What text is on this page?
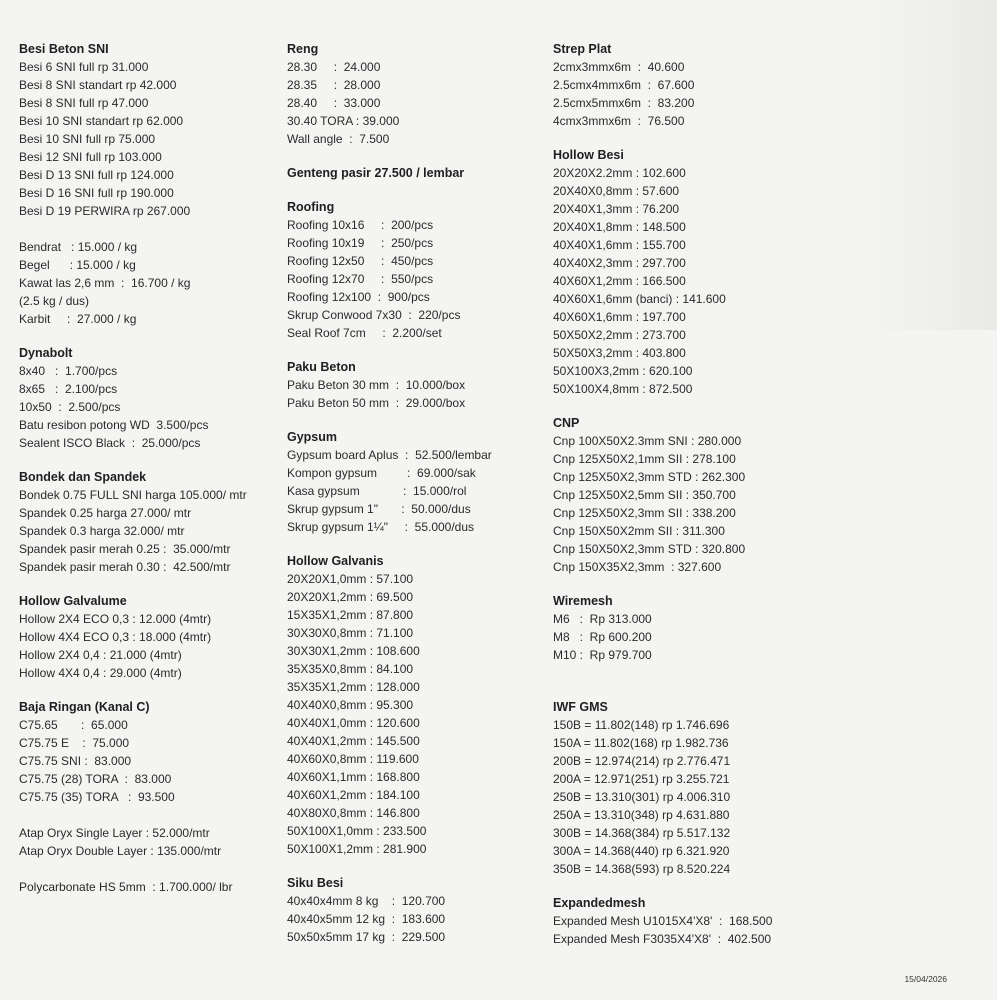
Besi Beton SNI
Besi 6 SNI full rp 31.000
Besi 8 SNI standart rp 42.000
Besi 8 SNI full rp 47.000
Besi 10 SNI standart rp 62.000
Besi 10 SNI full rp 75.000
Besi 12 SNI full rp 103.000
Besi D 13 SNI full rp 124.000
Besi D 16 SNI full rp 190.000
Besi D 19 PERWIRA rp 267.000
Bendrat   : 15.000 / kg
Begel      : 15.000 / kg
Kawat las 2,6 mm  :  16.700 / kg
(2.5 kg / dus)
Karbit     :  27.000 / kg
Dynabolt
8x40   :  1.700/pcs
8x65   :  2.100/pcs
10x50  :  2.500/pcs
Batu resibon potong WD  3.500/pcs
Sealent ISCO Black  :  25.000/pcs
Bondek dan Spandek
Bondek 0.75 FULL SNI harga 105.000/ mtr
Spandek 0.25 harga 27.000/ mtr
Spandek 0.3 harga 32.000/ mtr
Spandek pasir merah 0.25 :  35.000/mtr
Spandek pasir merah 0.30 :  42.500/mtr
Hollow Galvalume
Hollow 2X4 ECO 0,3 : 12.000 (4mtr)
Hollow 4X4 ECO 0,3 : 18.000 (4mtr)
Hollow 2X4 0,4 : 21.000 (4mtr)
Hollow 4X4 0,4 : 29.000 (4mtr)
Baja Ringan (Kanal C)
C75.65       :  65.000
C75.75 E    :  75.000
C75.75 SNI :  83.000
C75.75 (28) TORA  :  83.000
C75.75 (35) TORA   :  93.500
Atap Oryx Single Layer : 52.000/mtr
Atap Oryx Double Layer : 135.000/mtr
Polycarbonate HS 5mm  : 1.700.000/ lbr
Reng
28.30     :  24.000
28.35     :  28.000
28.40     :  33.000
30.40 TORA : 39.000
Wall angle  :  7.500
Genteng pasir 27.500 / lembar
Roofing
Roofing 10x16     :  200/pcs
Roofing 10x19     :  250/pcs
Roofing 12x50     :  450/pcs
Roofing 12x70     :  550/pcs
Roofing 12x100  :  900/pcs
Skrup Conwood 7x30  :  220/pcs
Seal Roof 7cm     :  2.200/set
Paku Beton
Paku Beton 30 mm  :  10.000/box
Paku Beton 50 mm  :  29.000/box
Gypsum
Gypsum board Aplus  :  52.500/lembar
Kompon gypsum         :  69.000/sak
Kasa gypsum             :  15.000/rol
Skrup gypsum 1"       :  50.000/dus
Skrup gypsum 1¼"     :  55.000/dus
Hollow Galvanis
20X20X1,0mm : 57.100
20X20X1,2mm : 69.500
15X35X1,2mm : 87.800
30X30X0,8mm : 71.100
30X30X1,2mm : 108.600
35X35X0,8mm : 84.100
35X35X1,2mm : 128.000
40X40X0,8mm : 95.300
40X40X1,0mm : 120.600
40X40X1,2mm : 145.500
40X60X0,8mm : 119.600
40X60X1,1mm : 168.800
40X60X1,2mm : 184.100
40X80X0,8mm : 146.800
50X100X1,0mm : 233.500
50X100X1,2mm : 281.900
Siku Besi
40x40x4mm 8 kg    :  120.700
40x40x5mm 12 kg  :  183.600
50x50x5mm 17 kg  :  229.500
Strep Plat
2cmx3mmx6m  :  40.600
2.5cmx4mmx6m  :  67.600
2.5cmx5mmx6m  :  83.200
4cmx3mmx6m  :  76.500
Hollow Besi
20X20X2.2mm : 102.600
20X40X0,8mm : 57.600
20X40X1,3mm : 76.200
20X40X1,8mm : 148.500
40X40X1,6mm : 155.700
40X40X2,3mm : 297.700
40X60X1,2mm : 166.500
40X60X1,6mm (banci) : 141.600
40X60X1,6mm : 197.700
50X50X2,2mm : 273.700
50X50X3,2mm : 403.800
50X100X3,2mm : 620.100
50X100X4,8mm : 872.500
CNP
Cnp 100X50X2.3mm SNI : 280.000
Cnp 125X50X2,1mm SII : 278.100
Cnp 125X50X2,3mm STD : 262.300
Cnp 125X50X2,5mm SII : 350.700
Cnp 125X50X2,3mm SII : 338.200
Cnp 150X50X2mm SII : 311.300
Cnp 150X50X2,3mm STD : 320.800
Cnp 150X35X2,3mm  : 327.600
Wiremesh
M6   :  Rp 313.000
M8   :  Rp 600.200
M10 :  Rp 979.700
IWF GMS
150B = 11.802(148) rp 1.746.696
150A = 11.802(168) rp 1.982.736
200B = 12.974(214) rp 2.776.471
200A = 12.971(251) rp 3.255.721
250B = 13.310(301) rp 4.006.310
250A = 13.310(348) rp 4.631.880
300B = 14.368(384) rp 5.517.132
300A = 14.368(440) rp 6.321.920
350B = 14.368(593) rp 8.520.224
Expandedmesh
Expanded Mesh U1015X4'X8'  :  168.500
Expanded Mesh F3035X4'X8'  :  402.500
15/04/2026
